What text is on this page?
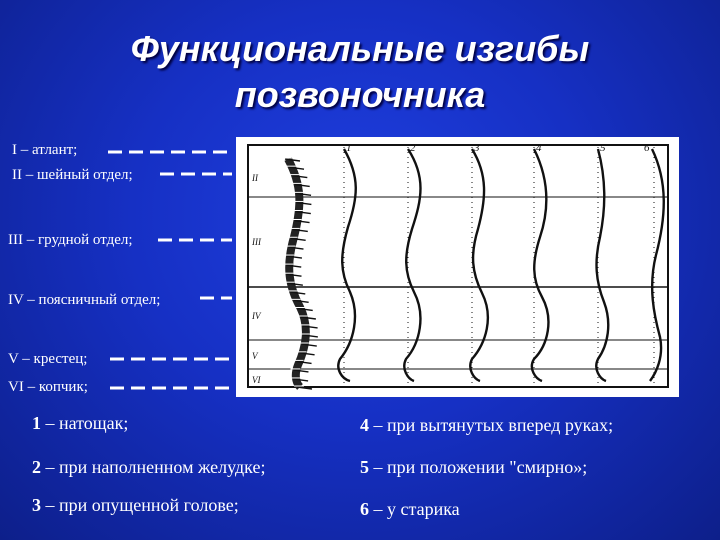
Функциональные изгибы
позвоночника
I – атлант;
II – шейный отдел;
III – грудной отдел;
IV – поясничный отдел;
V – крестец;
VI – копчик;
1	2	3	4	5	6
II
III
IV
V
VI
1 – натощак;
2 – при наполненном желудке;
3 – при опущенной голове;
4 – при вытянутых вперед руках;
5 – при положении "смирно»;
6 – у старика
